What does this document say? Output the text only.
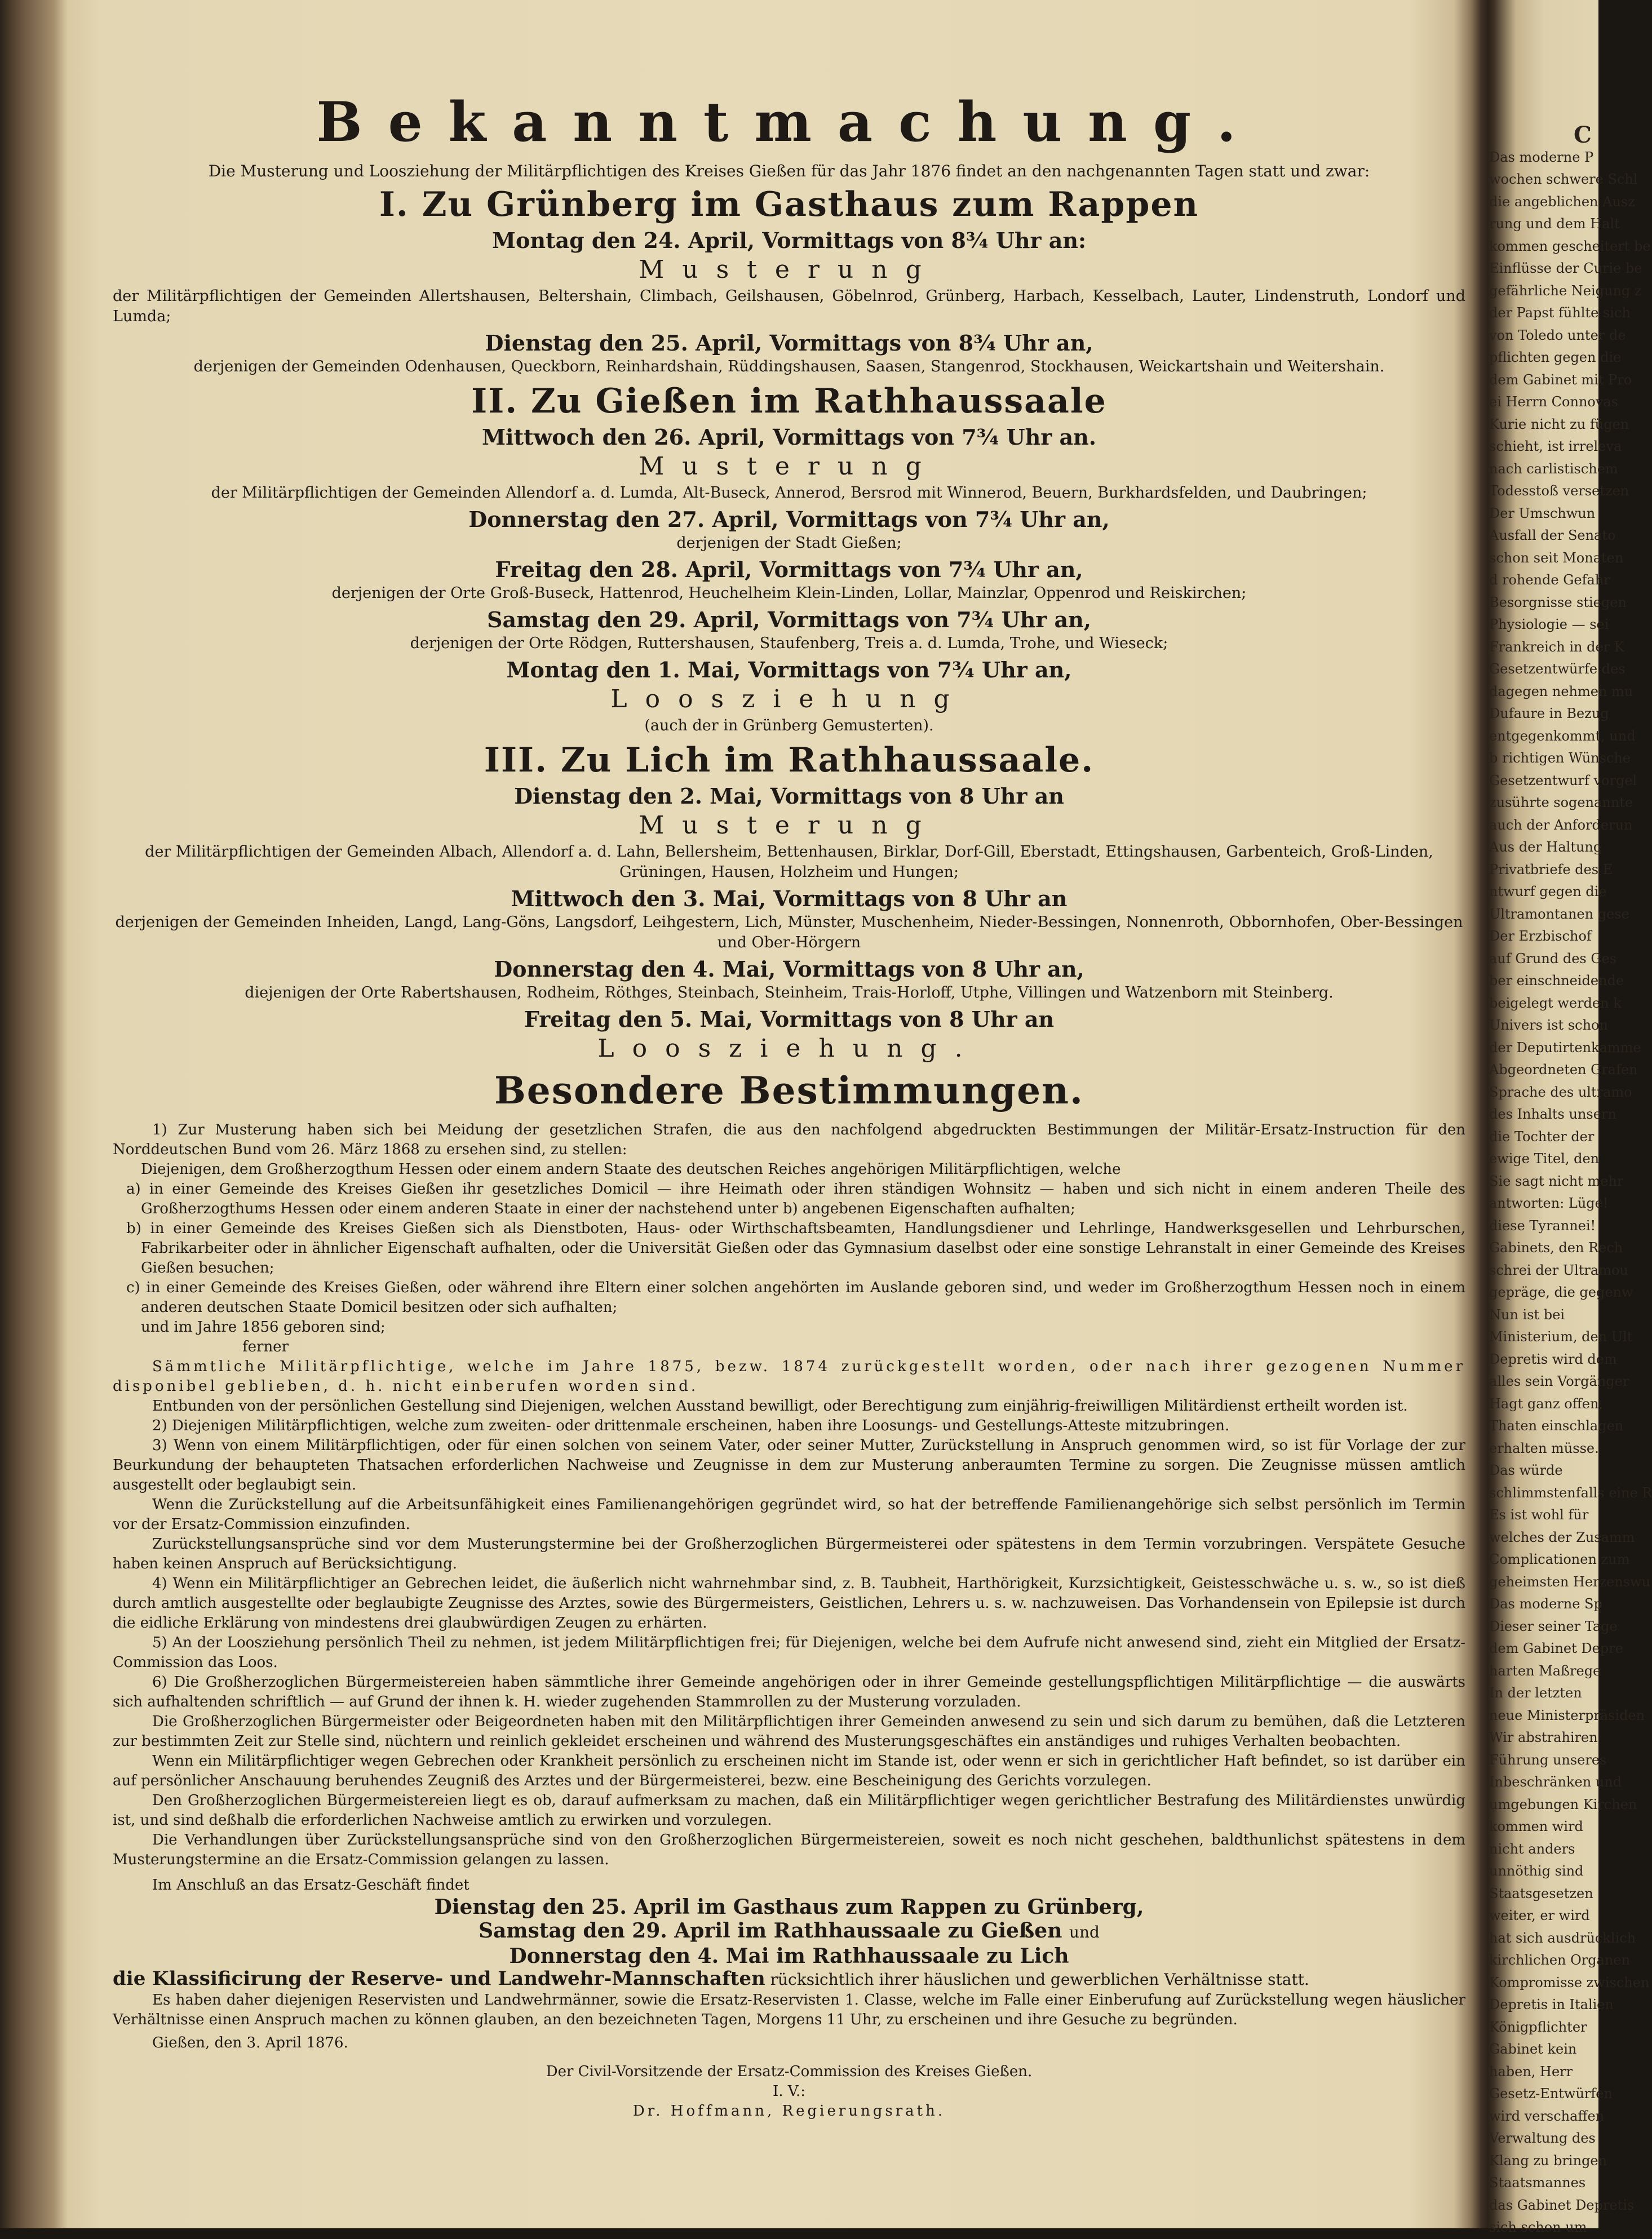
Bekanntmachung.
Die Musterung und Loosziehung der Militärpflichtigen des Kreises Gießen für das Jahr 1876 findet an den nachgenannten Tagen statt und zwar:
I. Zu Grünberg im Gasthaus zum Rappen
Montag den 24. April, Vormittags von 8¾ Uhr an:
Musterung
der Militärpflichtigen der Gemeinden Allertshausen, Beltershain, Climbach, Geilshausen, Göbelnrod, Grünberg, Harbach, Kesselbach, Lauter, Lindenstruth, Londorf und Lumda;
Dienstag den 25. April, Vormittags von 8¾ Uhr an,
derjenigen der Gemeinden Odenhausen, Queckborn, Reinhardshain, Rüddingshausen, Saasen, Stangenrod, Stockhausen, Weickartshain und Weitershain.
II. Zu Gießen im Rathhaussaale
Mittwoch den 26. April, Vormittags von 7¾ Uhr an.
Musterung
der Militärpflichtigen der Gemeinden Allendorf a. d. Lumda, Alt-Buseck, Annerod, Bersrod mit Winnerod, Beuern, Burkhardsfelden, und Daubringen;
Donnerstag den 27. April, Vormittags von 7¾ Uhr an,
derjenigen der Stadt Gießen;
Freitag den 28. April, Vormittags von 7¾ Uhr an,
derjenigen der Orte Groß-Buseck, Hattenrod, Heuchelheim Klein-Linden, Lollar, Mainzlar, Oppenrod und Reiskirchen;
Samstag den 29. April, Vormittags von 7¾ Uhr an,
derjenigen der Orte Rödgen, Ruttershausen, Staufenberg, Treis a. d. Lumda, Trohe, und Wieseck;
Montag den 1. Mai, Vormittags von 7¾ Uhr an,
Loosziehung
(auch der in Grünberg Gemusterten).
III. Zu Lich im Rathhaussaale.
Dienstag den 2. Mai, Vormittags von 8 Uhr an
Musterung
der Militärpflichtigen der Gemeinden Albach, Allendorf a. d. Lahn, Bellersheim, Bettenhausen, Birklar, Dorf-Gill, Eberstadt, Ettingshausen, Garbenteich, Groß-Linden, Grüningen, Hausen, Holzheim und Hungen;
Mittwoch den 3. Mai, Vormittags von 8 Uhr an
derjenigen der Gemeinden Inheiden, Langd, Lang-Göns, Langsdorf, Leihgestern, Lich, Münster, Muschenheim, Nieder-Bessingen, Nonnenroth, Obbornhofen, Ober-Bessingen und Ober-Hörgern
Donnerstag den 4. Mai, Vormittags von 8 Uhr an,
diejenigen der Orte Rabertshausen, Rodheim, Röthges, Steinbach, Steinheim, Trais-Horloff, Utphe, Villingen und Watzenborn mit Steinberg.
Freitag den 5. Mai, Vormittags von 8 Uhr an
Loosziehung.
Besondere Bestimmungen.

1) Zur Musterung haben sich bei Meidung der gesetzlichen Strafen, die aus den nachfolgend abgedruckten Bestimmungen der Militär-Ersatz-Instruction für den Norddeutschen Bund vom 26. März 1868 zu ersehen sind, zu stellen:

Diejenigen, dem Großherzogthum Hessen oder einem andern Staate des deutschen Reiches angehörigen Militärpflichtigen, welche

a) in einer Gemeinde des Kreises Gießen ihr gesetzliches Domicil — ihre Heimath oder ihren ständigen Wohnsitz — haben und sich nicht in einem anderen Theile des Großherzogthums Hessen oder einem anderen Staate in einer der nachstehend unter b) angebenen Eigenschaften aufhalten;

b) in einer Gemeinde des Kreises Gießen sich als Dienstboten, Haus- oder Wirthschaftsbeamten, Handlungsdiener und Lehrlinge, Handwerksgesellen und Lehrburschen, Fabrikarbeiter oder in ähnlicher Eigenschaft aufhalten, oder die Universität Gießen oder das Gymnasium daselbst oder eine sonstige Lehranstalt in einer Gemeinde des Kreises Gießen besuchen;

c) in einer Gemeinde des Kreises Gießen, oder während ihre Eltern einer solchen angehörten im Auslande geboren sind, und weder im Großherzogthum Hessen noch in einem anderen deutschen Staate Domicil besitzen oder sich aufhalten;

und im Jahre 1856 geboren sind;

ferner

Sämmtliche Militärpflichtige, welche im Jahre 1875, bezw. 1874 zurückgestellt worden, oder nach ihrer gezogenen Nummer disponibel geblieben, d. h. nicht einberufen worden sind.

Entbunden von der persönlichen Gestellung sind Diejenigen, welchen Ausstand bewilligt, oder Berechtigung zum einjährig-freiwilligen Militärdienst ertheilt worden ist.

2) Diejenigen Militärpflichtigen, welche zum zweiten- oder drittenmale erscheinen, haben ihre Loosungs- und Gestellungs-Atteste mitzubringen.

3) Wenn von einem Militärpflichtigen, oder für einen solchen von seinem Vater, oder seiner Mutter, Zurückstellung in Anspruch genommen wird, so ist für Vorlage der zur Beurkundung der behaupteten Thatsachen erforderlichen Nachweise und Zeugnisse in dem zur Musterung anberaumten Termine zu sorgen. Die Zeugnisse müssen amtlich ausgestellt oder beglaubigt sein.

Wenn die Zurückstellung auf die Arbeitsunfähigkeit eines Familienangehörigen gegründet wird, so hat der betreffende Familienangehörige sich selbst persönlich im Termin vor der Ersatz-Commission einzufinden.

Zurückstellungsansprüche sind vor dem Musterungstermine bei der Großherzoglichen Bürgermeisterei oder spätestens in dem Termin vorzubringen. Verspätete Gesuche haben keinen Anspruch auf Berücksichtigung.

4) Wenn ein Militärpflichtiger an Gebrechen leidet, die äußerlich nicht wahrnehmbar sind, z. B. Taubheit, Harthörigkeit, Kurzsichtigkeit, Geistesschwäche u. s. w., so ist dieß durch amtlich ausgestellte oder beglaubigte Zeugnisse des Arztes, sowie des Bürgermeisters, Geistlichen, Lehrers u. s. w. nachzuweisen. Das Vorhandensein von Epilepsie ist durch die eidliche Erklärung von mindestens drei glaubwürdigen Zeugen zu erhärten.

5) An der Loosziehung persönlich Theil zu nehmen, ist jedem Militärpflichtigen frei; für Diejenigen, welche bei dem Aufrufe nicht anwesend sind, zieht ein Mitglied der Ersatz-Commission das Loos.

6) Die Großherzoglichen Bürgermeistereien haben sämmtliche ihrer Gemeinde angehörigen oder in ihrer Gemeinde gestellungspflichtigen Militärpflichtige — die auswärts sich aufhaltenden schriftlich — auf Grund der ihnen k. H. wieder zugehenden Stammrollen zu der Musterung vorzuladen.

Die Großherzoglichen Bürgermeister oder Beigeordneten haben mit den Militärpflichtigen ihrer Gemeinden anwesend zu sein und sich darum zu bemühen, daß die Letzteren zur bestimmten Zeit zur Stelle sind, nüchtern und reinlich gekleidet erscheinen und während des Musterungsgeschäftes ein anständiges und ruhiges Verhalten beobachten.

Wenn ein Militärpflichtiger wegen Gebrechen oder Krankheit persönlich zu erscheinen nicht im Stande ist, oder wenn er sich in gerichtlicher Haft befindet, so ist darüber ein auf persönlicher Anschauung beruhendes Zeugniß des Arztes und der Bürgermeisterei, bezw. eine Bescheinigung des Gerichts vorzulegen.

Den Großherzoglichen Bürgermeistereien liegt es ob, darauf aufmerksam zu machen, daß ein Militärpflichtiger wegen gerichtlicher Bestrafung des Militärdienstes unwürdig ist, und sind deßhalb die erforderlichen Nachweise amtlich zu erwirken und vorzulegen.

Die Verhandlungen über Zurückstellungsansprüche sind von den Großherzoglichen Bürgermeistereien, soweit es noch nicht geschehen, baldthunlichst spätestens in dem Musterungstermine an die Ersatz-Commission gelangen zu lassen.

Im Anschluß an das Ersatz-Geschäft findet

Dienstag den 25. April im Gasthaus zum Rappen zu Grünberg,
Samstag den 29. April im Rathhaussaale zu Gießen und
Donnerstag den 4. Mai im Rathhaussaale zu Lich
die Klassificirung der Reserve- und Landwehr-Mannschaften rücksichtlich ihrer häuslichen und gewerblichen Verhältnisse statt.

Es haben daher diejenigen Reservisten und Landwehrmänner, sowie die Ersatz-Reservisten 1. Classe, welche im Falle einer Einberufung auf Zurückstellung wegen häuslicher Verhältnisse einen Anspruch machen zu können glauben, an den bezeichneten Tagen, Morgens 11 Uhr, zu erscheinen und ihre Gesuche zu begründen.

Gießen, den 3. April 1876.

Der Civil-Vorsitzende der Ersatz-Commission des Kreises Gießen.

I. V.:

Dr. Hoffmann, Regierungsrath.

C
Das moderne P
wochen schwere Schl
die angeblichen Ausz
rung und dem Halt
kommen gescheitert be
Einflüsse der Curie be
gefährliche Neigung z
der Papst fühlte sich
von Toledo unter de
pflichten gegen die
dem Gabinet mit Pro
ei Herrn Connovas
Kurie nicht zu fügen
schieht, ist irreleva
nach carlistischem
Todesstoß versetzen
Der Umschwun
Ausfall der Senato
schon seit Monaten
d rohende Gefahr
Besorgnisse stiegen
Physiologie — sei
Frankreich in der K
Gesetzentwürfe des
dagegen nehmen mu
Dufaure in Bezug
entgegenkommt, und
b richtigen Wünsche
Gesetzentwurf vorgel
zusührte sogenannte
auch der Anforderun
Aus der Haltung
Privatbriefe des E
ntwurf gegen die
Ultramontanen gese
Der Erzbischof
auf Grund des Ges
ber einschneidende
beigelegt werden k
Univers ist schon
der Deputirtenkamme
Abgeordneten Grafen
Sprache des ultramo
des Inhalts unsern
die Tochter der
ewige Titel, den
Sie sagt nicht mehr
antworten: Lüge!
diese Tyrannei!
Gabinets, den Rech
schrei der Ultramou
gepräge, die gegenw
Nun ist bei
Ministerium, den Ult
Depretis wird dem
alles sein Vorgänger
Hagt ganz offen,
Thaten einschlagen
erhalten müsse.
Das würde
schlimmstenfalls eine R
Es ist wohl für
welches der Zusamm
Complicationen zum
geheimsten Herzenswu
Das moderne Sp
Dieser seiner Tage
dem Gabinet Depre
harten Maßrege
In der letzten
neue Ministerpräsiden
Wir abstrahiren
Führung unseres
Inbeschränken und
umgebungen Kirchen
kommen wird
nicht anders
unnöthig sind
Staatsgesetzen
weiter, er wird
hat sich ausdrücklich
kirchlichen Organen
Kompromisse zwischen
Depretis in Italien
Königpflichter
Gabinet kein
haben, Herr
Gesetz-Entwürfen
wird verschaffen
Verwaltung des
Klang zu bringen
Staatsmannes
das Gabinet Depretis
sich schon um
